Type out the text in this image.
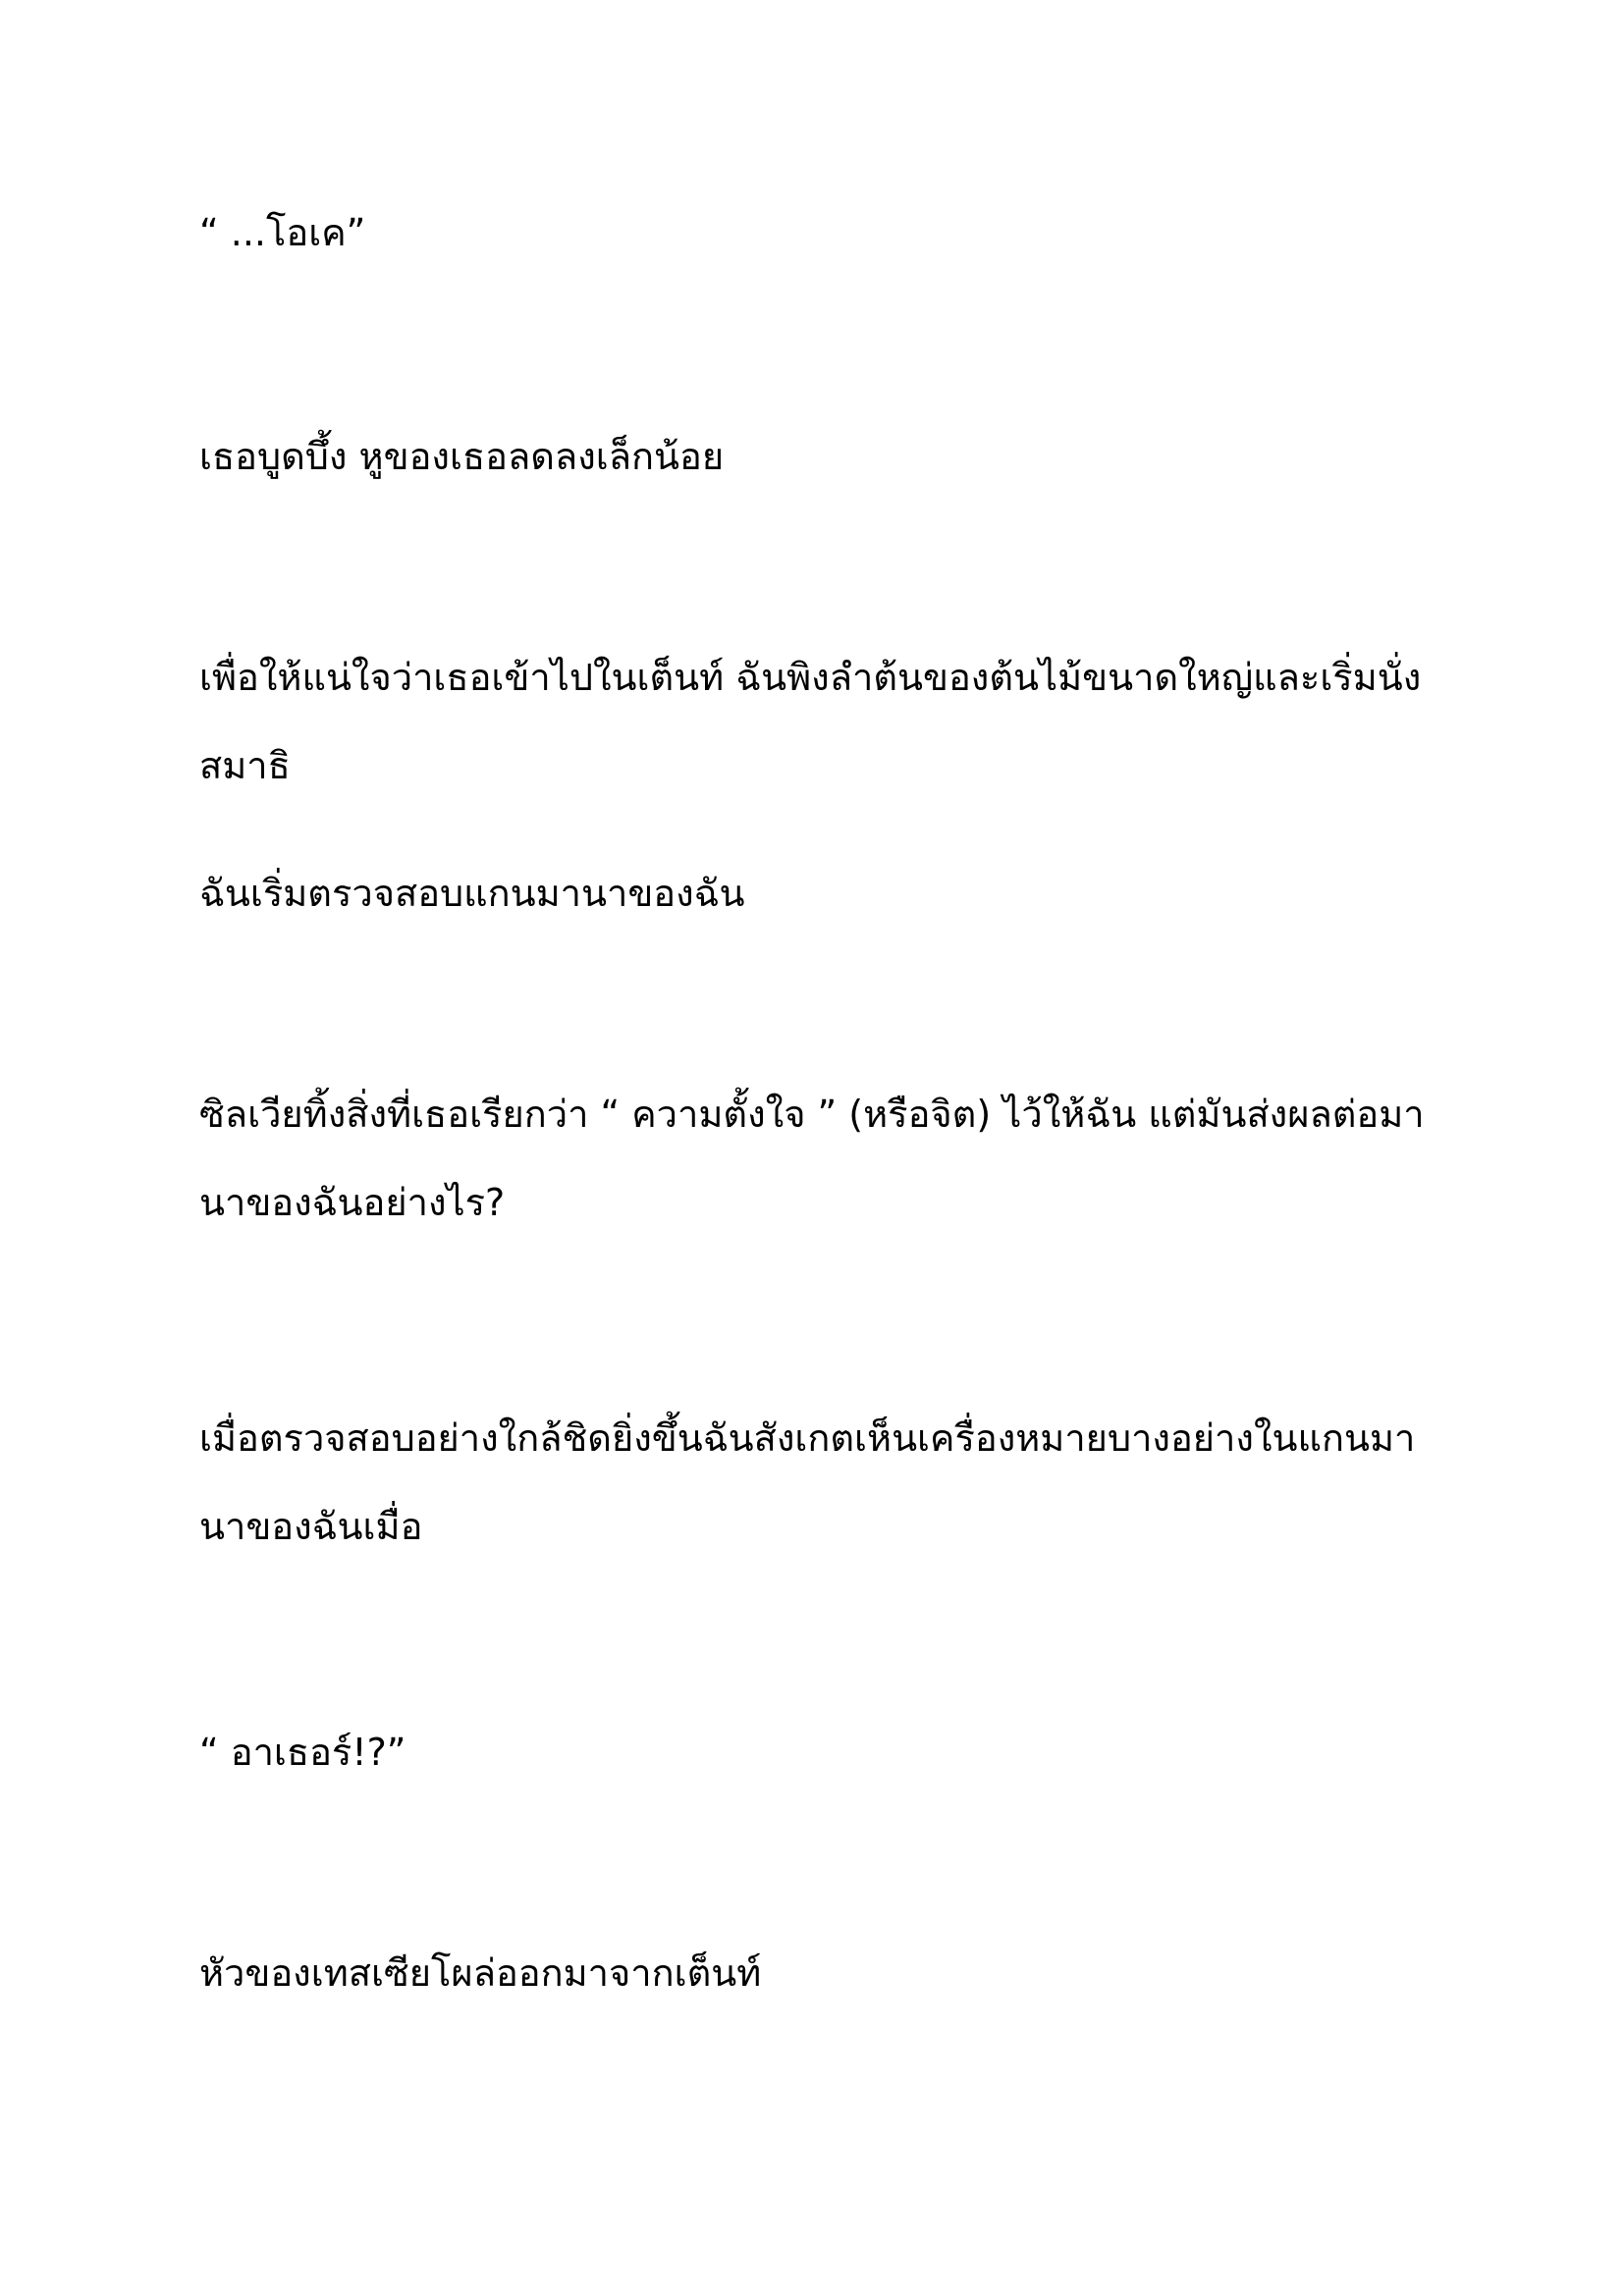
“ ...โอเค”

เธอบูดบึ้ง หูของเธอลดลงเล็กน้อย

เพื่อให้แน่ใจว่าเธอเข้าไปในเต็นท์ ฉันพิงลำต้นของต้นไม้ขนาดใหญ่และเริ่มนั่งสมาธิ

ฉันเริ่มตรวจสอบแกนมานาของฉัน

ซิลเวียทิ้งสิ่งที่เธอเรียกว่า “ ความตั้งใจ ” (หรือจิต) ไว้ให้ฉัน แต่มันส่งผลต่อมานาของฉันอย่างไร?

เมื่อตรวจสอบอย่างใกล้ชิดยิ่งขึ้นฉันสังเกตเห็นเครื่องหมายบางอย่างในแกนมานาของฉันเมื่อ

“ อาเธอร์!?”

หัวของเทสเซียโผล่ออกมาจากเต็นท์
